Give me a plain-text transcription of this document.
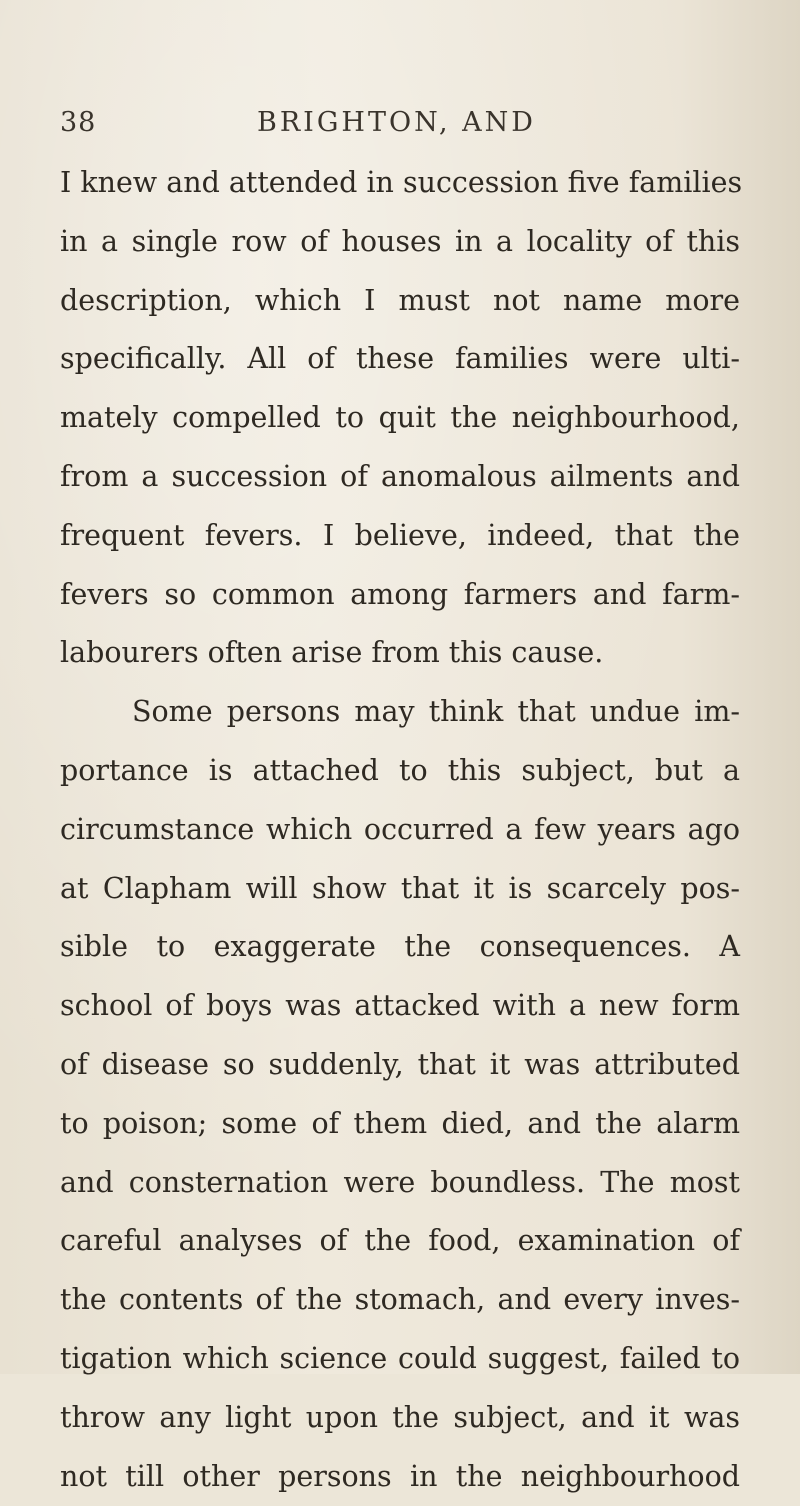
38	BRIGHTON, AND
I knew and attended in succession five families
in a single row of houses in a locality of this
description, which I must not name more
specifically. All of these families were ulti-
mately compelled to quit the neighbourhood,
from a succession of anomalous ailments and
frequent fevers. I believe, indeed, that the
fevers so common among farmers and farm-
labourers often arise from this cause.
Some persons may think that undue im-
portance is attached to this subject, but a
circumstance which occurred a few years ago
at Clapham will show that it is scarcely pos-
sible to exaggerate the consequences. A
school of boys was attacked with a new form
of disease so suddenly, that it was attributed
to poison; some of them died, and the alarm
and consternation were boundless. The most
careful analyses of the food, examination of
the contents of the stomach, and every inves-
tigation which science could suggest, failed to
throw any light upon the subject, and it was
not till other persons in the neighbourhood
